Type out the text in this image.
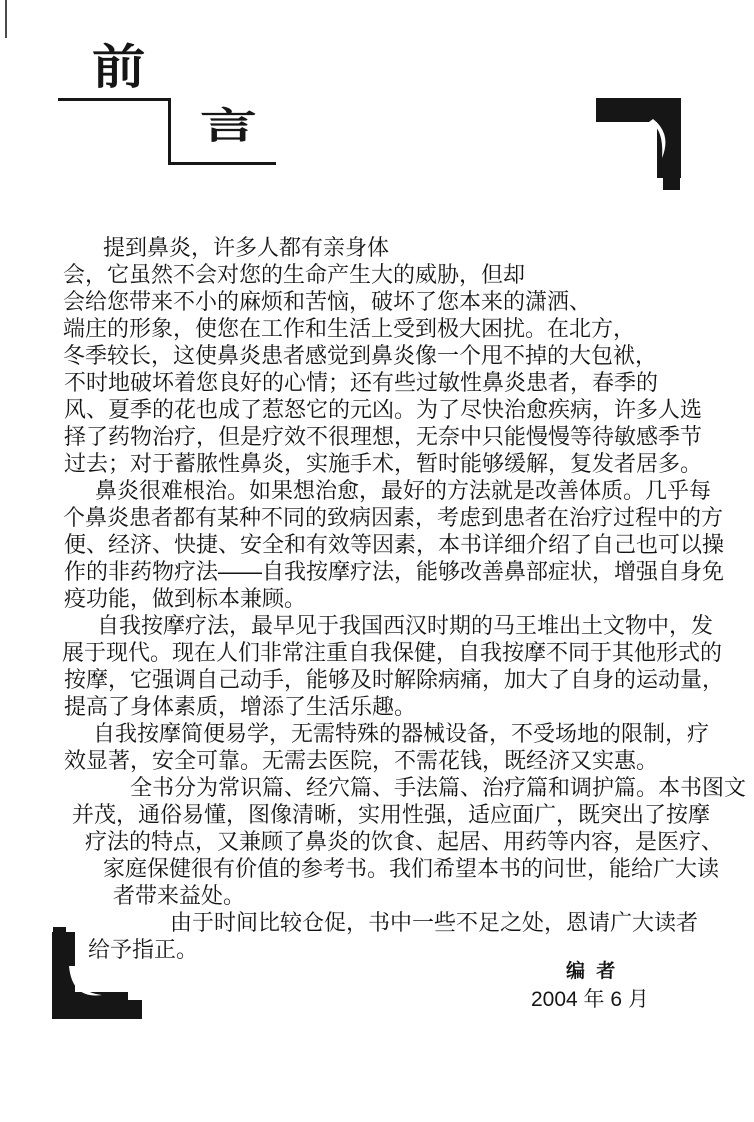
前
言
提到鼻炎，许多人都有亲身体
会，它虽然不会对您的生命产生大的威胁，但却
会给您带来不小的麻烦和苦恼，破坏了您本来的潇洒、
端庄的形象，使您在工作和生活上受到极大困扰。在北方，
冬季较长，这使鼻炎患者感觉到鼻炎像一个甩不掉的大包袱，
不时地破坏着您良好的心情；还有些过敏性鼻炎患者，春季的
风、夏季的花也成了惹怒它的元凶。为了尽快治愈疾病，许多人选
择了药物治疗，但是疗效不很理想，无奈中只能慢慢等待敏感季节
过去；对于蓄脓性鼻炎，实施手术，暂时能够缓解，复发者居多。
鼻炎很难根治。如果想治愈，最好的方法就是改善体质。几乎每
个鼻炎患者都有某种不同的致病因素，考虑到患者在治疗过程中的方
便、经济、快捷、安全和有效等因素，本书详细介绍了自己也可以操
作的非药物疗法——自我按摩疗法，能够改善鼻部症状，增强自身免
疫功能，做到标本兼顾。
自我按摩疗法，最早见于我国西汉时期的马王堆出土文物中，发
展于现代。现在人们非常注重自我保健，自我按摩不同于其他形式的
按摩，它强调自己动手，能够及时解除病痛，加大了自身的运动量，
提高了身体素质，增添了生活乐趣。
自我按摩简便易学，无需特殊的器械设备，不受场地的限制，疗
效显著，安全可靠。无需去医院，不需花钱，既经济又实惠。
全书分为常识篇、经穴篇、手法篇、治疗篇和调护篇。本书图文
并茂，通俗易懂，图像清晰，实用性强，适应面广，既突出了按摩
疗法的特点，又兼顾了鼻炎的饮食、起居、用药等内容，是医疗、
家庭保健很有价值的参考书。我们希望本书的问世，能给广大读
者带来益处。
由于时间比较仓促，书中一些不足之处，恩请广大读者
给予指正。
编 者
2004 年 6 月
